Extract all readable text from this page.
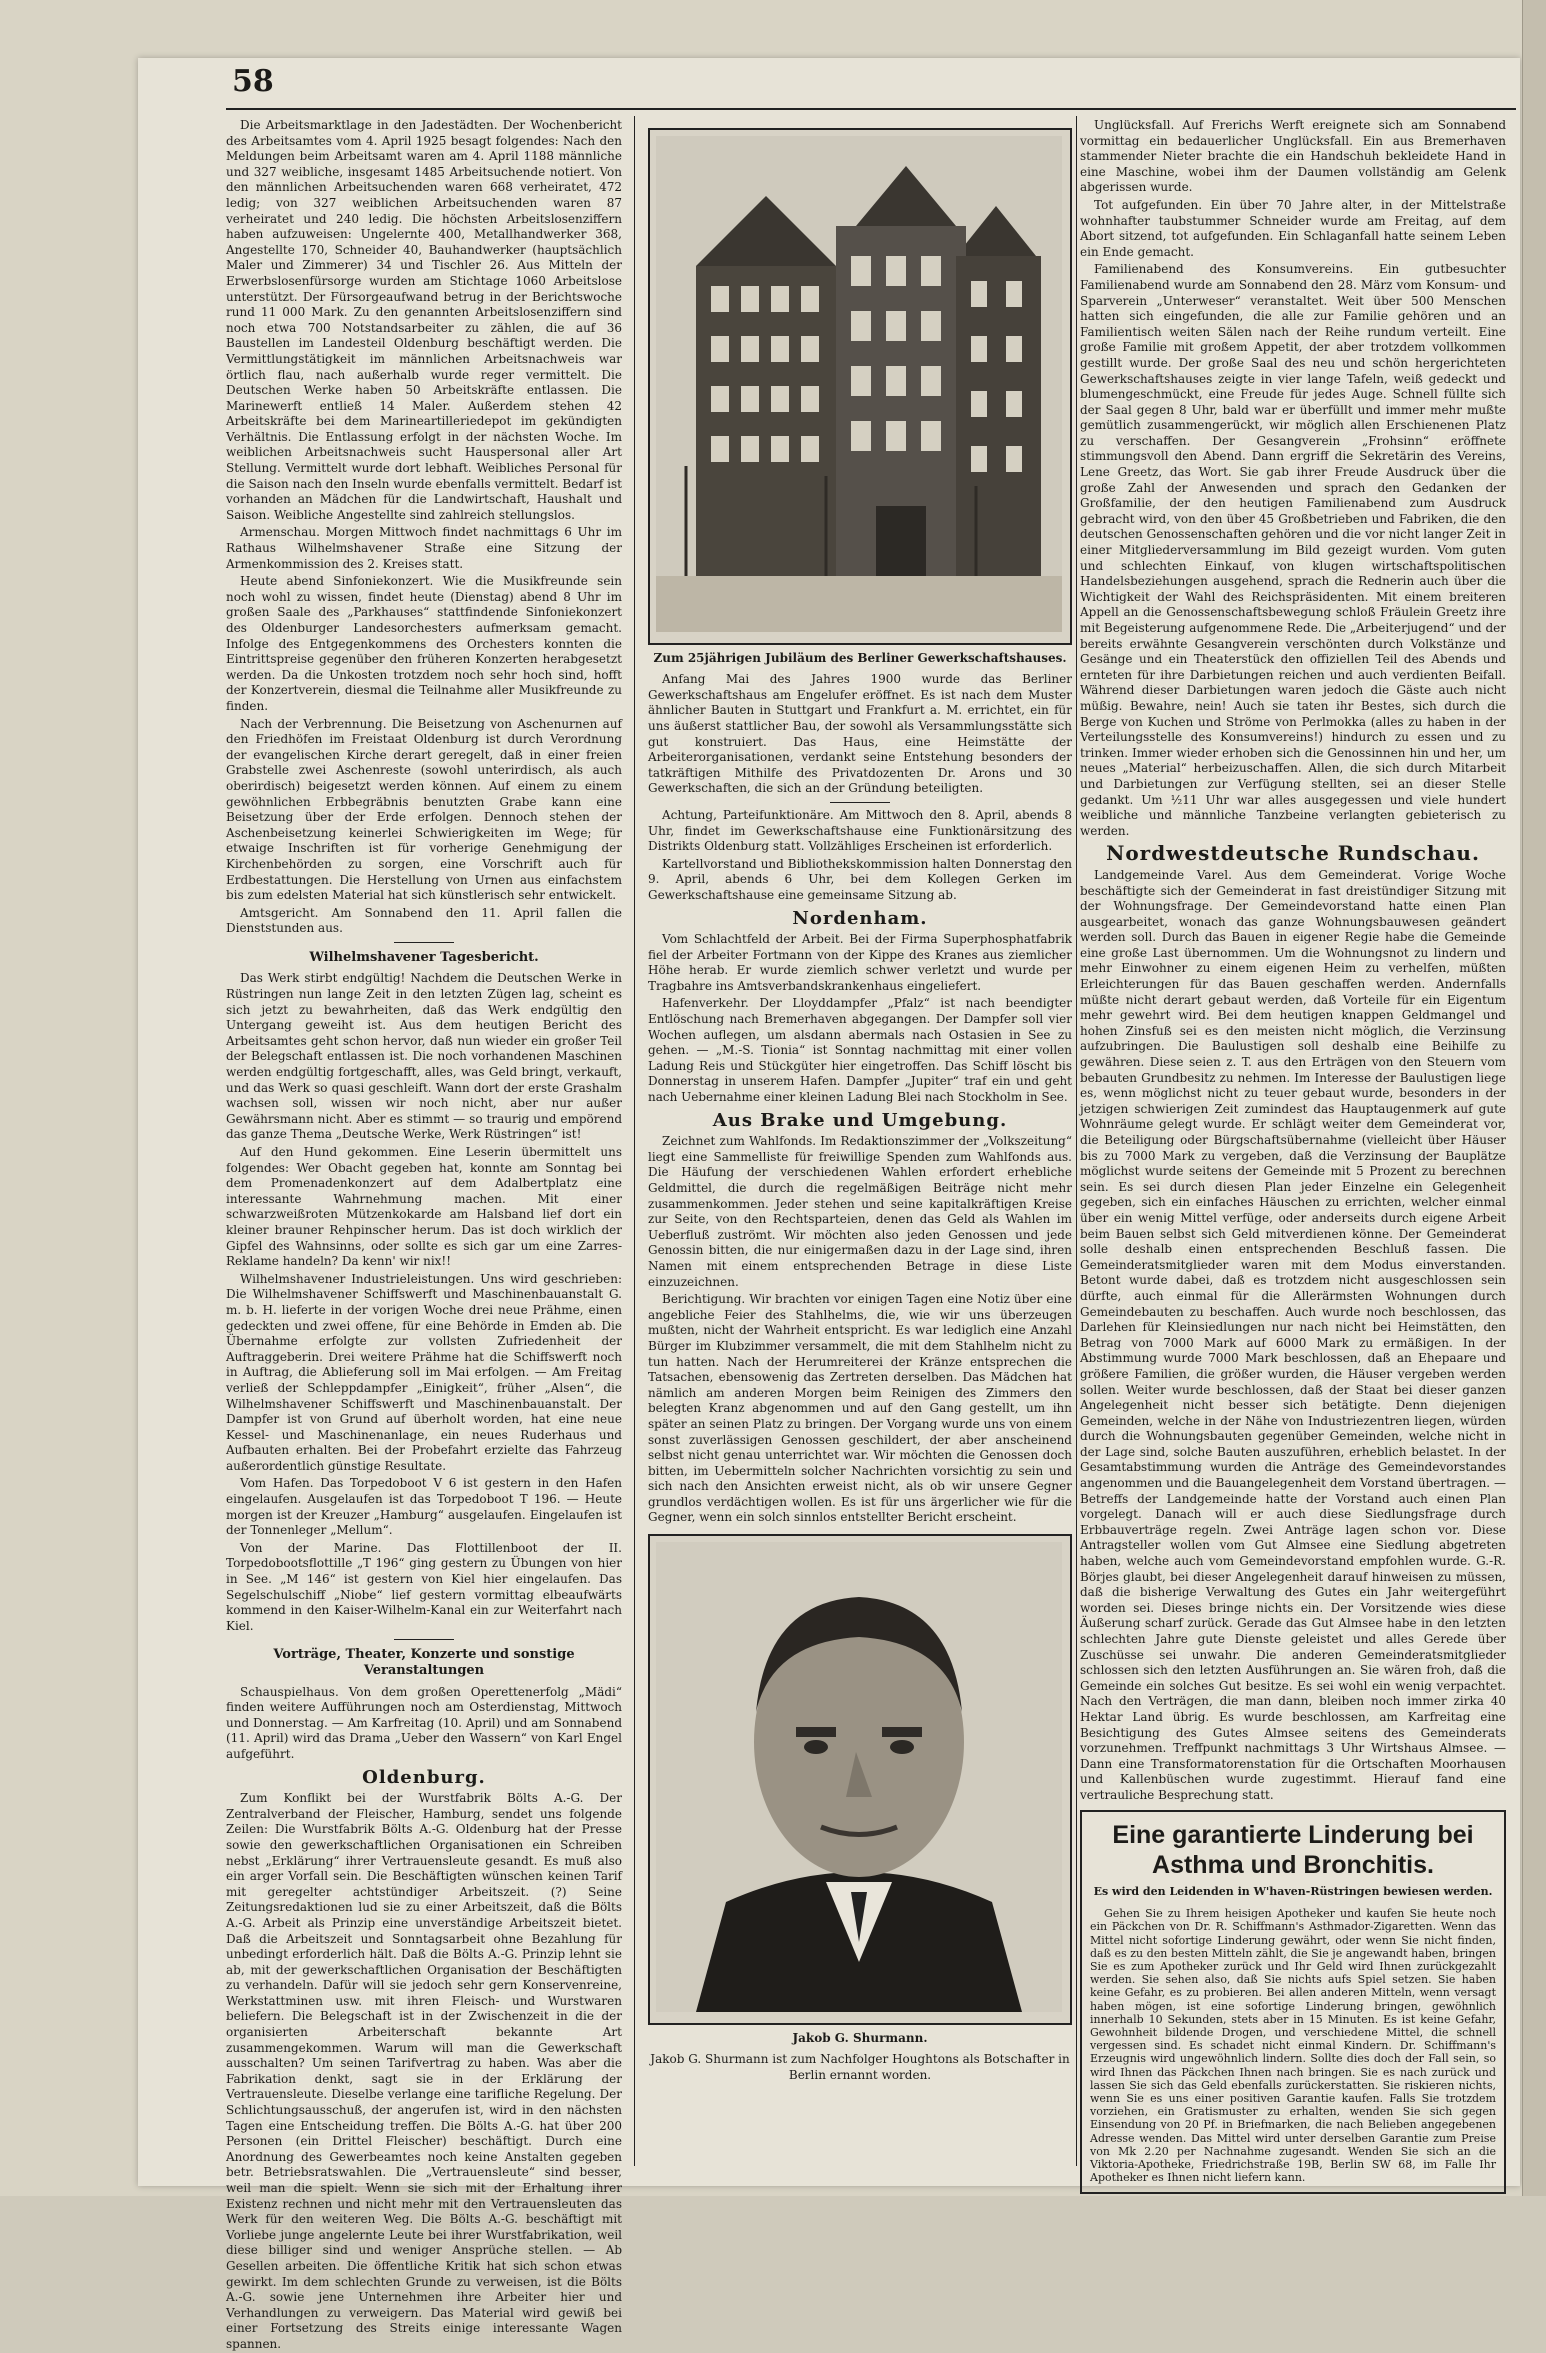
58

Die Arbeitsmarktlage in den Jadestädten. Der Wochenbericht des Arbeitsamtes vom 4. April 1925 besagt folgendes: Nach den Meldungen beim Arbeitsamt waren am 4. April 1188 männliche und 327 weibliche, insgesamt 1485 Arbeitsuchende notiert. Von den männlichen Arbeitsuchenden waren 668 verheiratet, 472 ledig; von 327 weiblichen Arbeitsuchenden waren 87 verheiratet und 240 ledig. Die höchsten Arbeitslosenziffern haben aufzuweisen: Ungelernte 400, Metallhandwerker 368, Angestellte 170, Schneider 40, Bauhandwerker (hauptsächlich Maler und Zimmerer) 34 und Tischler 26. Aus Mitteln der Erwerbslosenfürsorge wurden am Stichtage 1060 Arbeitslose unterstützt. Der Fürsorgeaufwand betrug in der Berichtswoche rund 11 000 Mark. Zu den genannten Arbeitslosenziffern sind noch etwa 700 Notstandsarbeiter zu zählen, die auf 36 Baustellen im Landesteil Oldenburg beschäftigt werden. Die Vermittlungstätigkeit im männlichen Arbeitsnachweis war örtlich flau, nach außerhalb wurde reger vermittelt. Die Deutschen Werke haben 50 Arbeitskräfte entlassen. Die Marinewerft entließ 14 Maler. Außerdem stehen 42 Arbeitskräfte bei dem Marineartilleriedepot im gekündigten Verhältnis. Die Entlassung erfolgt in der nächsten Woche. Im weiblichen Arbeitsnachweis sucht Hauspersonal aller Art Stellung. Vermittelt wurde dort lebhaft. Weibliches Personal für die Saison nach den Inseln wurde ebenfalls vermittelt. Bedarf ist vorhanden an Mädchen für die Landwirtschaft, Haushalt und Saison. Weibliche Angestellte sind zahlreich stellungslos.

Armenschau. Morgen Mittwoch findet nachmittags 6 Uhr im Rathaus Wilhelmshavener Straße eine Sitzung der Armenkommission des 2. Kreises statt.

Heute abend Sinfoniekonzert. Wie die Musikfreunde sein noch wohl zu wissen, findet heute (Dienstag) abend 8 Uhr im großen Saale des „Parkhauses“ stattfindende Sinfoniekonzert des Oldenburger Landesorchesters aufmerksam gemacht. Infolge des Entgegenkommens des Orchesters konnten die Eintrittspreise gegenüber den früheren Konzerten herabgesetzt werden. Da die Unkosten trotzdem noch sehr hoch sind, hofft der Konzertverein, diesmal die Teilnahme aller Musikfreunde zu finden.

Nach der Verbrennung. Die Beisetzung von Aschenurnen auf den Friedhöfen im Freistaat Oldenburg ist durch Verordnung der evangelischen Kirche derart geregelt, daß in einer freien Grabstelle zwei Aschenreste (sowohl unterirdisch, als auch oberirdisch) beigesetzt werden können. Auf einem zu einem gewöhnlichen Erbbegräbnis benutzten Grabe kann eine Beisetzung über der Erde erfolgen. Dennoch stehen der Aschenbeisetzung keinerlei Schwierigkeiten im Wege; für etwaige Inschriften ist für vorherige Genehmigung der Kirchenbehörden zu sorgen, eine Vorschrift auch für Erdbestattungen. Die Herstellung von Urnen aus einfachstem bis zum edelsten Material hat sich künstlerisch sehr entwickelt.

Amtsgericht. Am Sonnabend den 11. April fallen die Dienststunden aus.

Wilhelmshavener Tagesbericht.

Das Werk stirbt endgültig! Nachdem die Deutschen Werke in Rüstringen nun lange Zeit in den letzten Zügen lag, scheint es sich jetzt zu bewahrheiten, daß das Werk endgültig den Untergang geweiht ist. Aus dem heutigen Bericht des Arbeitsamtes geht schon hervor, daß nun wieder ein großer Teil der Belegschaft entlassen ist. Die noch vorhandenen Maschinen werden endgültig fortgeschafft, alles, was Geld bringt, verkauft, und das Werk so quasi geschleift. Wann dort der erste Grashalm wachsen soll, wissen wir noch nicht, aber nur außer Gewährsmann nicht. Aber es stimmt — so traurig und empörend das ganze Thema „Deutsche Werke, Werk Rüstringen“ ist!

Auf den Hund gekommen. Eine Leserin übermittelt uns folgendes: Wer Obacht gegeben hat, konnte am Sonntag bei dem Promenadenkonzert auf dem Adalbertplatz eine interessante Wahrnehmung machen. Mit einer schwarzweißroten Mützenkokarde am Halsband lief dort ein kleiner brauner Rehpinscher herum. Das ist doch wirklich der Gipfel des Wahnsinns, oder sollte es sich gar um eine Zarres-Reklame handeln? Da kenn' wir nix!!

Wilhelmshavener Industrieleistungen. Uns wird geschrieben: Die Wilhelmshavener Schiffswerft und Maschinenbauanstalt G. m. b. H. lieferte in der vorigen Woche drei neue Prähme, einen gedeckten und zwei offene, für eine Behörde in Emden ab. Die Übernahme erfolgte zur vollsten Zufriedenheit der Auftraggeberin. Drei weitere Prähme hat die Schiffswerft noch in Auftrag, die Ablieferung soll im Mai erfolgen. — Am Freitag verließ der Schleppdampfer „Einigkeit“, früher „Alsen“, die Wilhelmshavener Schiffswerft und Maschinenbauanstalt. Der Dampfer ist von Grund auf überholt worden, hat eine neue Kessel- und Maschinenanlage, ein neues Ruderhaus und Aufbauten erhalten. Bei der Probefahrt erzielte das Fahrzeug außerordentlich günstige Resultate.

Vom Hafen. Das Torpedoboot V 6 ist gestern in den Hafen eingelaufen. Ausgelaufen ist das Torpedoboot T 196. — Heute morgen ist der Kreuzer „Hamburg“ ausgelaufen. Eingelaufen ist der Tonnenleger „Mellum“.

Von der Marine. Das Flottillenboot der II. Torpedobootsflottille „T 196“ ging gestern zu Übungen von hier in See. „M 146“ ist gestern von Kiel hier eingelaufen. Das Segelschulschiff „Niobe“ lief gestern vormittag elbeaufwärts kommend in den Kaiser-Wilhelm-Kanal ein zur Weiterfahrt nach Kiel.

Vorträge, Theater, Konzerte und sonstige Veranstaltungen

Schauspielhaus. Von dem großen Operettenerfolg „Mädi“ finden weitere Aufführungen noch am Osterdienstag, Mittwoch und Donnerstag. — Am Karfreitag (10. April) und am Sonnabend (11. April) wird das Drama „Ueber den Wassern“ von Karl Engel aufgeführt.

Oldenburg.

Zum Konflikt bei der Wurstfabrik Bölts A.-G. Der Zentralverband der Fleischer, Hamburg, sendet uns folgende Zeilen: Die Wurstfabrik Bölts A.-G. Oldenburg hat der Presse sowie den gewerkschaftlichen Organisationen ein Schreiben nebst „Erklärung“ ihrer Vertrauensleute gesandt. Es muß also ein arger Vorfall sein. Die Beschäftigten wünschen keinen Tarif mit geregelter achtstündiger Arbeitszeit. (?) Seine Zeitungsredaktionen lud sie zu einer Arbeitszeit, daß die Bölts A.-G. Arbeit als Prinzip eine unverständige Arbeitszeit bietet. Daß die Arbeitszeit und Sonntagsarbeit ohne Bezahlung für unbedingt erforderlich hält. Daß die Bölts A.-G. Prinzip lehnt sie ab, mit der gewerkschaftlichen Organisation der Beschäftigten zu verhandeln. Dafür will sie jedoch sehr gern Konservenreine, Werkstattminen usw. mit ihren Fleisch- und Wurstwaren beliefern. Die Belegschaft ist in der Zwischenzeit in die der organisierten Arbeiterschaft bekannte Art zusammengekommen. Warum will man die Gewerkschaft ausschalten? Um seinen Tarifvertrag zu haben. Was aber die Fabrikation denkt, sagt sie in der Erklärung der Vertrauensleute. Dieselbe verlange eine tarifliche Regelung. Der Schlichtungsausschuß, der angerufen ist, wird in den nächsten Tagen eine Entscheidung treffen. Die Bölts A.-G. hat über 200 Personen (ein Drittel Fleischer) beschäftigt. Durch eine Anordnung des Gewerbeamtes noch keine Anstalten gegeben betr. Betriebsratswahlen. Die „Vertrauensleute“ sind besser, weil man die spielt. Wenn sie sich mit der Erhaltung ihrer Existenz rechnen und nicht mehr mit den Vertrauensleuten das Werk für den weiteren Weg. Die Bölts A.-G. beschäftigt mit Vorliebe junge angelernte Leute bei ihrer Wurstfabrikation, weil diese billiger sind und weniger Ansprüche stellen. — Ab Gesellen arbeiten. Die öffentliche Kritik hat sich schon etwas gewirkt. Im dem schlechten Grunde zu verweisen, ist die Bölts A.-G. sowie jene Unternehmen ihre Arbeiter hier und Verhandlungen zu verweigern. Das Material wird gewiß bei einer Fortsetzung des Streits einige interessante Wagen spannen.

Zum 25jährigen Jubiläum des Berliner Gewerkschaftshauses.

Anfang Mai des Jahres 1900 wurde das Berliner Gewerkschaftshaus am Engelufer eröffnet. Es ist nach dem Muster ähnlicher Bauten in Stuttgart und Frankfurt a. M. errichtet, ein für uns äußerst stattlicher Bau, der sowohl als Versammlungsstätte sich gut konstruiert. Das Haus, eine Heimstätte der Arbeiterorganisationen, verdankt seine Entstehung besonders der tatkräftigen Mithilfe des Privatdozenten Dr. Arons und 30 Gewerkschaften, die sich an der Gründung beteiligten.

Achtung, Parteifunktionäre. Am Mittwoch den 8. April, abends 8 Uhr, findet im Gewerkschaftshause eine Funktionärsitzung des Distrikts Oldenburg statt. Vollzähliges Erscheinen ist erforderlich.

Kartellvorstand und Bibliothekskommission halten Donnerstag den 9. April, abends 6 Uhr, bei dem Kollegen Gerken im Gewerkschaftshause eine gemeinsame Sitzung ab.

Nordenham.

Vom Schlachtfeld der Arbeit. Bei der Firma Superphosphatfabrik fiel der Arbeiter Fortmann von der Kippe des Kranes aus ziemlicher Höhe herab. Er wurde ziemlich schwer verletzt und wurde per Tragbahre ins Amtsverbandskrankenhaus eingeliefert.

Hafenverkehr. Der Lloyddampfer „Pfalz“ ist nach beendigter Entlöschung nach Bremerhaven abgegangen. Der Dampfer soll vier Wochen auflegen, um alsdann abermals nach Ostasien in See zu gehen. — „M.-S. Tionia“ ist Sonntag nachmittag mit einer vollen Ladung Reis und Stückgüter hier eingetroffen. Das Schiff löscht bis Donnerstag in unserem Hafen. Dampfer „Jupiter“ traf ein und geht nach Uebernahme einer kleinen Ladung Blei nach Stockholm in See.

Aus Brake und Umgebung.

Zeichnet zum Wahlfonds. Im Redaktionszimmer der „Volkszeitung“ liegt eine Sammelliste für freiwillige Spenden zum Wahlfonds aus. Die Häufung der verschiedenen Wahlen erfordert erhebliche Geldmittel, die durch die regelmäßigen Beiträge nicht mehr zusammenkommen. Jeder stehen und seine kapitalkräftigen Kreise zur Seite, von den Rechtsparteien, denen das Geld als Wahlen im Ueberfluß zuströmt. Wir möchten also jeden Genossen und jede Genossin bitten, die nur einigermaßen dazu in der Lage sind, ihren Namen mit einem entsprechenden Betrage in diese Liste einzuzeichnen.

Berichtigung. Wir brachten vor einigen Tagen eine Notiz über eine angebliche Feier des Stahlhelms, die, wie wir uns überzeugen mußten, nicht der Wahrheit entspricht. Es war lediglich eine Anzahl Bürger im Klubzimmer versammelt, die mit dem Stahlhelm nicht zu tun hatten. Nach der Herumreiterei der Kränze entsprechen die Tatsachen, ebensowenig das Zertreten derselben. Das Mädchen hat nämlich am anderen Morgen beim Reinigen des Zimmers den belegten Kranz abgenommen und auf den Gang gestellt, um ihn später an seinen Platz zu bringen. Der Vorgang wurde uns von einem sonst zuverlässigen Genossen geschildert, der aber anscheinend selbst nicht genau unterrichtet war. Wir möchten die Genossen doch bitten, im Uebermitteln solcher Nachrichten vorsichtig zu sein und sich nach den Ansichten erweist nicht, als ob wir unsere Gegner grundlos verdächtigen wollen. Es ist für uns ärgerlicher wie für die Gegner, wenn ein solch sinnlos entstellter Bericht erscheint.

Jakob G. Shurmann.

Jakob G. Shurmann ist zum Nachfolger Houghtons als Botschafter in Berlin ernannt worden.

Unglücksfall. Auf Frerichs Werft ereignete sich am Sonnabend vormittag ein bedauerlicher Unglücksfall. Ein aus Bremerhaven stammender Nieter brachte die ein Handschuh bekleidete Hand in eine Maschine, wobei ihm der Daumen vollständig am Gelenk abgerissen wurde.

Tot aufgefunden. Ein über 70 Jahre alter, in der Mittelstraße wohnhafter taubstummer Schneider wurde am Freitag, auf dem Abort sitzend, tot aufgefunden. Ein Schlaganfall hatte seinem Leben ein Ende gemacht.

Familienabend des Konsumvereins. Ein gutbesuchter Familienabend wurde am Sonnabend den 28. März vom Konsum- und Sparverein „Unterweser“ veranstaltet. Weit über 500 Menschen hatten sich eingefunden, die alle zur Familie gehören und an Familientisch weiten Sälen nach der Reihe rundum verteilt. Eine große Familie mit großem Appetit, der aber trotzdem vollkommen gestillt wurde. Der große Saal des neu und schön hergerichteten Gewerkschaftshauses zeigte in vier lange Tafeln, weiß gedeckt und blumengeschmückt, eine Freude für jedes Auge. Schnell füllte sich der Saal gegen 8 Uhr, bald war er überfüllt und immer mehr mußte gemütlich zusammengerückt, wir möglich allen Erschienenen Platz zu verschaffen. Der Gesangverein „Frohsinn“ eröffnete stimmungsvoll den Abend. Dann ergriff die Sekretärin des Vereins, Lene Greetz, das Wort. Sie gab ihrer Freude Ausdruck über die große Zahl der Anwesenden und sprach den Gedanken der Großfamilie, der den heutigen Familienabend zum Ausdruck gebracht wird, von den über 45 Großbetrieben und Fabriken, die den deutschen Genossenschaften gehören und die vor nicht langer Zeit in einer Mitgliederversammlung im Bild gezeigt wurden. Vom guten und schlechten Einkauf, von klugen wirtschaftspolitischen Handelsbeziehungen ausgehend, sprach die Rednerin auch über die Wichtigkeit der Wahl des Reichspräsidenten. Mit einem breiteren Appell an die Genossenschaftsbewegung schloß Fräulein Greetz ihre mit Begeisterung aufgenommene Rede. Die „Arbeiterjugend“ und der bereits erwähnte Gesangverein verschönten durch Volkstänze und Gesänge und ein Theaterstück den offiziellen Teil des Abends und ernteten für ihre Darbietungen reichen und auch verdienten Beifall. Während dieser Darbietungen waren jedoch die Gäste auch nicht müßig. Bewahre, nein! Auch sie taten ihr Bestes, sich durch die Berge von Kuchen und Ströme von Perlmokka (alles zu haben in der Verteilungsstelle des Konsumvereins!) hindurch zu essen und zu trinken. Immer wieder erhoben sich die Genossinnen hin und her, um neues „Material“ herbeizuschaffen. Allen, die sich durch Mitarbeit und Darbietungen zur Verfügung stellten, sei an dieser Stelle gedankt. Um ½11 Uhr war alles ausgegessen und viele hundert weibliche und männliche Tanzbeine verlangten gebieterisch zu werden.

Nordwestdeutsche Rundschau.

Landgemeinde Varel. Aus dem Gemeinderat. Vorige Woche beschäftigte sich der Gemeinderat in fast dreistündiger Sitzung mit der Wohnungsfrage. Der Gemeindevorstand hatte einen Plan ausgearbeitet, wonach das ganze Wohnungsbauwesen geändert werden soll. Durch das Bauen in eigener Regie habe die Gemeinde eine große Last übernommen. Um die Wohnungsnot zu lindern und mehr Einwohner zu einem eigenen Heim zu verhelfen, müßten Erleichterungen für das Bauen geschaffen werden. Andernfalls müßte nicht derart gebaut werden, daß Vorteile für ein Eigentum mehr gewehrt wird. Bei dem heutigen knappen Geldmangel und hohen Zinsfuß sei es den meisten nicht möglich, die Verzinsung aufzubringen. Die Baulustigen soll deshalb eine Beihilfe zu gewähren. Diese seien z. T. aus den Erträgen von den Steuern vom bebauten Grundbesitz zu nehmen. Im Interesse der Baulustigen liege es, wenn möglichst nicht zu teuer gebaut wurde, besonders in der jetzigen schwierigen Zeit zumindest das Hauptaugenmerk auf gute Wohnräume gelegt wurde. Er schlägt weiter dem Gemeinderat vor, die Beteiligung oder Bürgschaftsübernahme (vielleicht über Häuser bis zu 7000 Mark zu vergeben, daß die Verzinsung der Bauplätze möglichst wurde seitens der Gemeinde mit 5 Prozent zu berechnen sein. Es sei durch diesen Plan jeder Einzelne ein Gelegenheit gegeben, sich ein einfaches Häuschen zu errichten, welcher einmal über ein wenig Mittel verfüge, oder anderseits durch eigene Arbeit beim Bauen selbst sich Geld mitverdienen könne. Der Gemeinderat solle deshalb einen entsprechenden Beschluß fassen. Die Gemeinderatsmitglieder waren mit dem Modus einverstanden. Betont wurde dabei, daß es trotzdem nicht ausgeschlossen sein dürfte, auch einmal für die Allerärmsten Wohnungen durch Gemeindebauten zu beschaffen. Auch wurde noch beschlossen, das Darlehen für Kleinsiedlungen nur nach nicht bei Heimstätten, den Betrag von 7000 Mark auf 6000 Mark zu ermäßigen. In der Abstimmung wurde 7000 Mark beschlossen, daß an Ehepaare und größere Familien, die größer wurden, die Häuser vergeben werden sollen. Weiter wurde beschlossen, daß der Staat bei dieser ganzen Angelegenheit nicht besser sich betätigte. Denn diejenigen Gemeinden, welche in der Nähe von Industriezentren liegen, würden durch die Wohnungsbauten gegenüber Gemeinden, welche nicht in der Lage sind, solche Bauten auszuführen, erheblich belastet. In der Gesamtabstimmung wurden die Anträge des Gemeindevorstandes angenommen und die Bauangelegenheit dem Vorstand übertragen. — Betreffs der Landgemeinde hatte der Vorstand auch einen Plan vorgelegt. Danach will er auch diese Siedlungsfrage durch Erbbauverträge regeln. Zwei Anträge lagen schon vor. Diese Antragsteller wollen vom Gut Almsee eine Siedlung abgetreten haben, welche auch vom Gemeindevorstand empfohlen wurde. G.-R. Börjes glaubt, bei dieser Angelegenheit darauf hinweisen zu müssen, daß die bisherige Verwaltung des Gutes ein Jahr weitergeführt worden sei. Dieses bringe nichts ein. Der Vorsitzende wies diese Äußerung scharf zurück. Gerade das Gut Almsee habe in den letzten schlechten Jahre gute Dienste geleistet und alles Gerede über Zuschüsse sei unwahr. Die anderen Gemeinderatsmitglieder schlossen sich den letzten Ausführungen an. Sie wären froh, daß die Gemeinde ein solches Gut besitze. Es sei wohl ein wenig verpachtet. Nach den Verträgen, die man dann, bleiben noch immer zirka 40 Hektar Land übrig. Es wurde beschlossen, am Karfreitag eine Besichtigung des Gutes Almsee seitens des Gemeinderats vorzunehmen. Treffpunkt nachmittags 3 Uhr Wirtshaus Almsee. — Dann eine Transformatorenstation für die Ortschaften Moorhausen und Kallenbüschen wurde zugestimmt. Hierauf fand eine vertrauliche Besprechung statt.

Eine garantierte Linderung bei Asthma und Bronchitis.
Es wird den Leidenden in W'haven-Rüstringen bewiesen werden.

Gehen Sie zu Ihrem heisigen Apotheker und kaufen Sie heute noch ein Päckchen von Dr. R. Schiffmann's Asthmador-Zigaretten. Wenn das Mittel nicht sofortige Linderung gewährt, oder wenn Sie nicht finden, daß es zu den besten Mitteln zählt, die Sie je angewandt haben, bringen Sie es zum Apotheker zurück und Ihr Geld wird Ihnen zurückgezahlt werden. Sie sehen also, daß Sie nichts aufs Spiel setzen. Sie haben keine Gefahr, es zu probieren. Bei allen anderen Mitteln, wenn versagt haben mögen, ist eine sofortige Linderung bringen, gewöhnlich innerhalb 10 Sekunden, stets aber in 15 Minuten. Es ist keine Gefahr, Gewohnheit bildende Drogen, und verschiedene Mittel, die schnell vergessen sind. Es schadet nicht einmal Kindern. Dr. Schiffmann's Erzeugnis wird ungewöhnlich lindern. Sollte dies doch der Fall sein, so wird Ihnen das Päckchen Ihnen nach bringen. Sie es nach zurück und lassen Sie sich das Geld ebenfalls zurückerstatten. Sie riskieren nichts, wenn Sie es uns einer positiven Garantie kaufen. Falls Sie trotzdem vorziehen, ein Gratismuster zu erhalten, wenden Sie sich gegen Einsendung von 20 Pf. in Briefmarken, die nach Belieben angegebenen Adresse wenden. Das Mittel wird unter derselben Garantie zum Preise von Mk 2.20 per Nachnahme zugesandt. Wenden Sie sich an die Viktoria-Apotheke, Friedrichstraße 19B, Berlin SW 68, im Falle Ihr Apotheker es Ihnen nicht liefern kann.
